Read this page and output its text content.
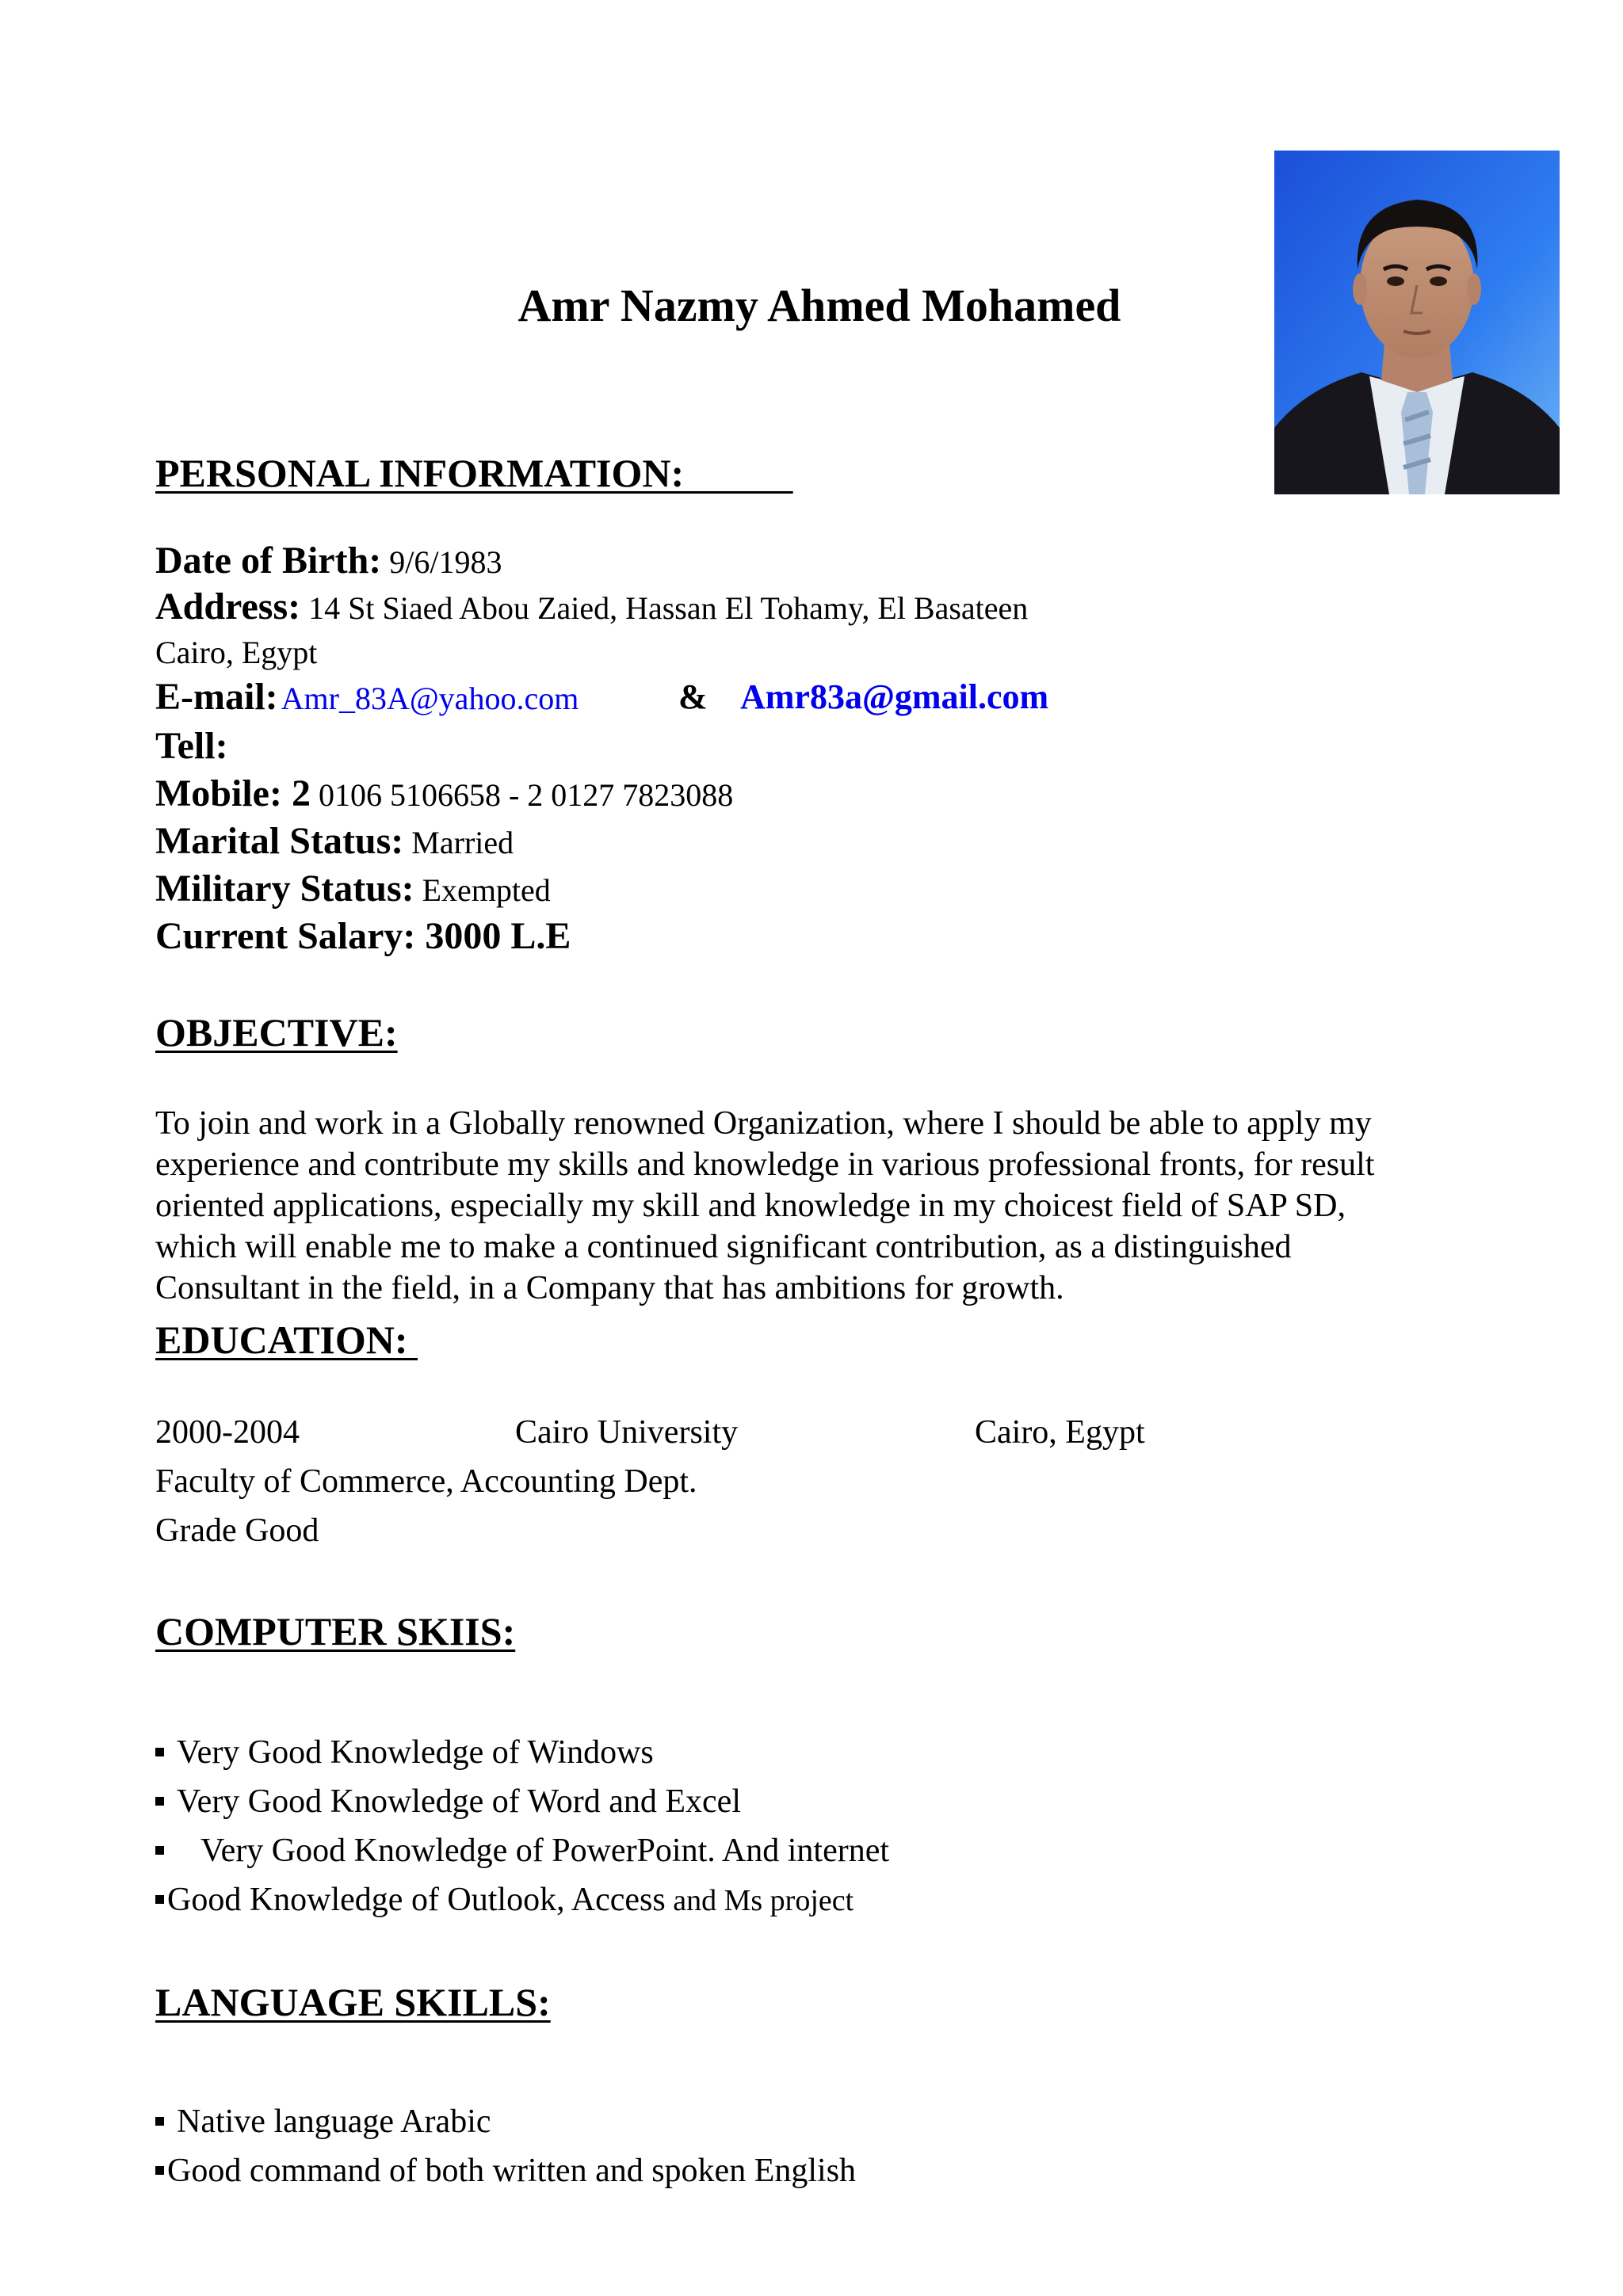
Amr Nazmy Ahmed Mohamed
PERSONAL INFORMATION:
Date of Birth: 9/6/1983
Address: 14 St Siaed Abou Zaied, Hassan El Tohamy, El Basateen
Cairo, Egypt
E-mail: Amr_83A@yahoo.com	& Amr83a@gmail.com
Tell:
Mobile: 2 0106 5106658 - 2 0127 7823088
Marital Status: Married
Military Status: Exempted
Current Salary: 3000 L.E
OBJECTIVE:

To join and work in a Globally renowned Organization, where I should be able to apply my

experience and contribute my skills and knowledge in various professional fronts, for result

oriented applications, especially my skill and knowledge in my choicest field of SAP SD,

which will enable me to make a continued significant contribution, as a distinguished

Consultant in the field, in a Company that has ambitions for growth.

EDUCATION:
2000-2004	Cairo University	Cairo, Egypt
Faculty of Commerce, Accounting Dept.
Grade Good
COMPUTER SKIIS:
Very Good Knowledge of Windows
Very Good Knowledge of Word and Excel
Very Good Knowledge of PowerPoint. And internet
Good Knowledge of Outlook, Access and Ms project
LANGUAGE SKILLS:
Native language Arabic
Good command of both written and spoken English
